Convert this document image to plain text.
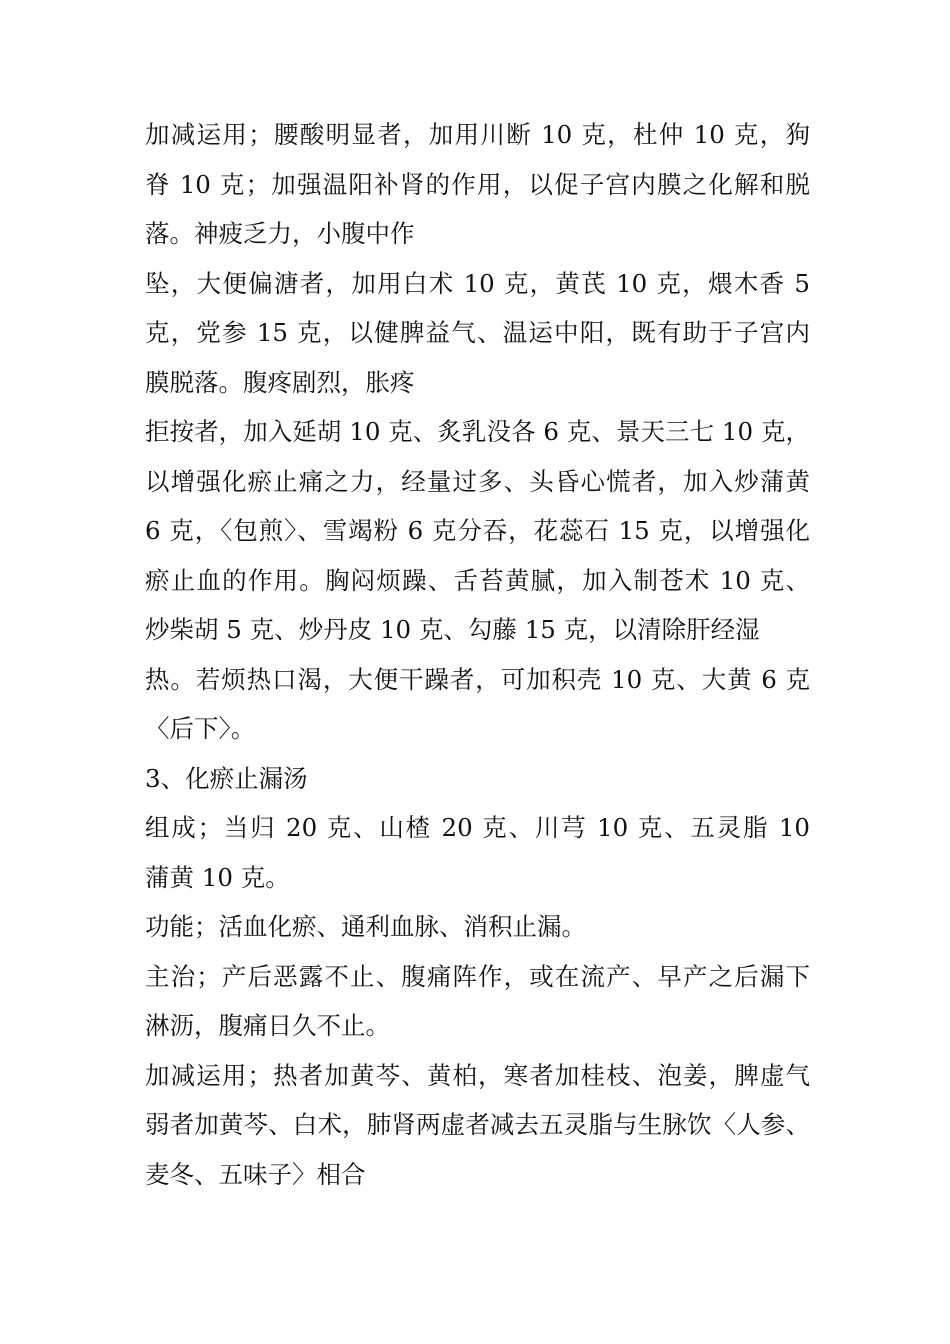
加减运用；腰酸明显者，加用川断 10 克，杜仲 10 克，狗
脊 10 克；加强温阳补肾的作用，以促子宫内膜之化解和脱
落。神疲乏力，小腹中作
坠，大便偏溏者，加用白术 10 克，黄芪 10 克，煨木香 5
克，党参 15 克，以健脾益气、温运中阳，既有助于子宫内
膜脱落。腹疼剧烈，胀疼
拒按者，加入延胡 10 克、炙乳没各 6 克、景天三七 10 克，
以增强化瘀止痛之力，经量过多、头昏心慌者，加入炒蒲黄
6 克，〈包煎〉、雪竭粉 6 克分吞，花蕊石 15 克，以增强化
瘀止血的作用。胸闷烦躁、舌苔黄腻，加入制苍术 10 克、
炒柴胡 5 克、炒丹皮 10 克、勾藤 15 克，以清除肝经湿
热。若烦热口渴，大便干躁者，可加积壳 10 克、大黄 6 克
〈后下〉。
3、化瘀止漏汤
组成；当归 20 克、山楂 20 克、川芎 10 克、五灵脂 10
蒲黄 10 克。
功能；活血化瘀、通利血脉、消积止漏。
主治；产后恶露不止、腹痛阵作，或在流产、早产之后漏下
淋沥，腹痛日久不止。
加减运用；热者加黄芩、黄柏，寒者加桂枝、泡姜，脾虚气
弱者加黄芩、白术，肺肾两虚者减去五灵脂与生脉饮〈人参、
麦冬、五味子〉相合
